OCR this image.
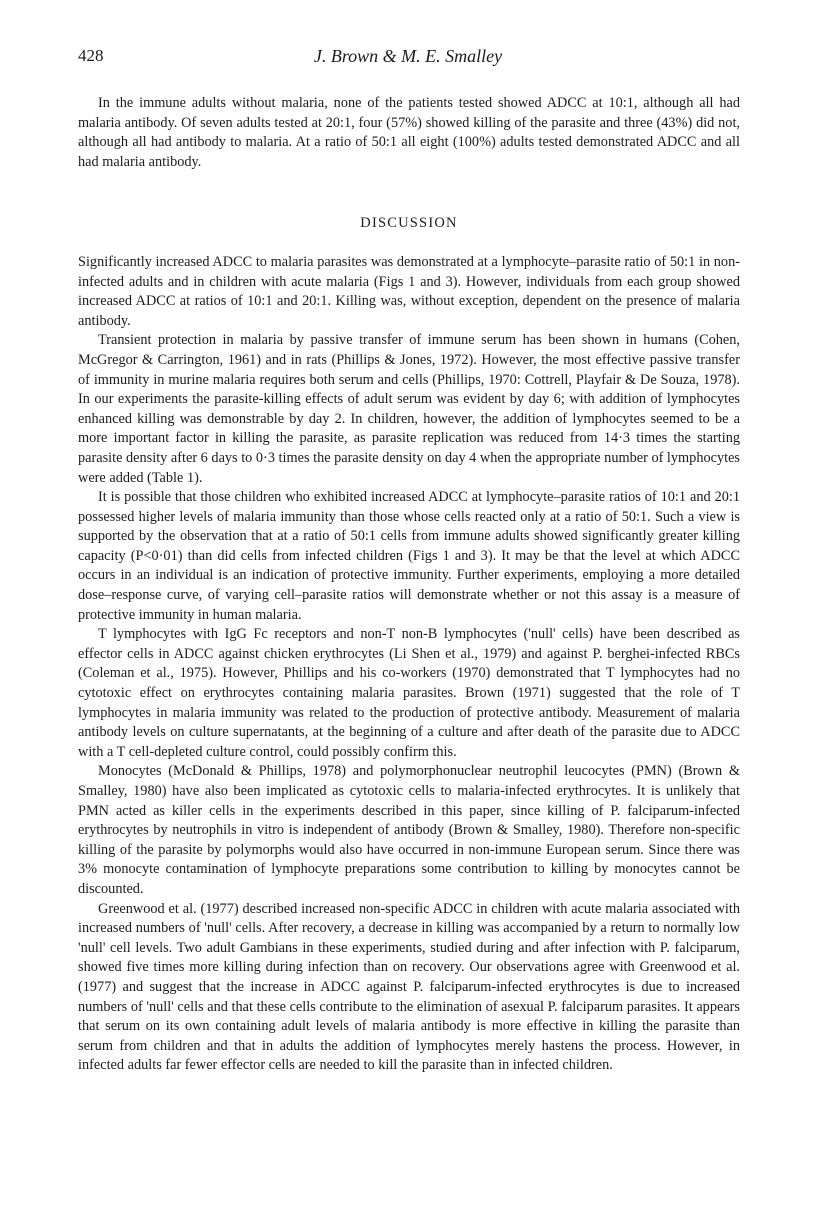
428	J. Brown & M. E. Smalley

In the immune adults without malaria, none of the patients tested showed ADCC at 10:1, although all had malaria antibody. Of seven adults tested at 20:1, four (57%) showed killing of the parasite and three (43%) did not, although all had antibody to malaria. At a ratio of 50:1 all eight (100%) adults tested demonstrated ADCC and all had malaria antibody.

DISCUSSION

Significantly increased ADCC to malaria parasites was demonstrated at a lymphocyte–parasite ratio of 50:1 in non-infected adults and in children with acute malaria (Figs 1 and 3). However, individuals from each group showed increased ADCC at ratios of 10:1 and 20:1. Killing was, without exception, dependent on the presence of malaria antibody.

Transient protection in malaria by passive transfer of immune serum has been shown in humans (Cohen, McGregor & Carrington, 1961) and in rats (Phillips & Jones, 1972). However, the most effective passive transfer of immunity in murine malaria requires both serum and cells (Phillips, 1970: Cottrell, Playfair & De Souza, 1978). In our experiments the parasite-killing effects of adult serum was evident by day 6; with addition of lymphocytes enhanced killing was demonstrable by day 2. In children, however, the addition of lymphocytes seemed to be a more important factor in killing the parasite, as parasite replication was reduced from 14·3 times the starting parasite density after 6 days to 0·3 times the parasite density on day 4 when the appropriate number of lymphocytes were added (Table 1).

It is possible that those children who exhibited increased ADCC at lymphocyte–parasite ratios of 10:1 and 20:1 possessed higher levels of malaria immunity than those whose cells reacted only at a ratio of 50:1. Such a view is supported by the observation that at a ratio of 50:1 cells from immune adults showed significantly greater killing capacity (P<0·01) than did cells from infected children (Figs 1 and 3). It may be that the level at which ADCC occurs in an individual is an indication of protective immunity. Further experiments, employing a more detailed dose–response curve, of varying cell–parasite ratios will demonstrate whether or not this assay is a measure of protective immunity in human malaria.

T lymphocytes with IgG Fc receptors and non-T non-B lymphocytes ('null' cells) have been described as effector cells in ADCC against chicken erythrocytes (Li Shen et al., 1979) and against P. berghei-infected RBCs (Coleman et al., 1975). However, Phillips and his co-workers (1970) demonstrated that T lymphocytes had no cytotoxic effect on erythrocytes containing malaria parasites. Brown (1971) suggested that the role of T lymphocytes in malaria immunity was related to the production of protective antibody. Measurement of malaria antibody levels on culture supernatants, at the beginning of a culture and after death of the parasite due to ADCC with a T cell-depleted culture control, could possibly confirm this.

Monocytes (McDonald & Phillips, 1978) and polymorphonuclear neutrophil leucocytes (PMN) (Brown & Smalley, 1980) have also been implicated as cytotoxic cells to malaria-infected erythrocytes. It is unlikely that PMN acted as killer cells in the experiments described in this paper, since killing of P. falciparum-infected erythrocytes by neutrophils in vitro is independent of antibody (Brown & Smalley, 1980). Therefore non-specific killing of the parasite by polymorphs would also have occurred in non-immune European serum. Since there was 3% monocyte contamination of lymphocyte preparations some contribution to killing by monocytes cannot be discounted.

Greenwood et al. (1977) described increased non-specific ADCC in children with acute malaria associated with increased numbers of 'null' cells. After recovery, a decrease in killing was accompanied by a return to normally low 'null' cell levels. Two adult Gambians in these experiments, studied during and after infection with P. falciparum, showed five times more killing during infection than on recovery. Our observations agree with Greenwood et al. (1977) and suggest that the increase in ADCC against P. falciparum-infected erythrocytes is due to increased numbers of 'null' cells and that these cells contribute to the elimination of asexual P. falciparum parasites. It appears that serum on its own containing adult levels of malaria antibody is more effective in killing the parasite than serum from children and that in adults the addition of lymphocytes merely hastens the process. However, in infected adults far fewer effector cells are needed to kill the parasite than in infected children.
